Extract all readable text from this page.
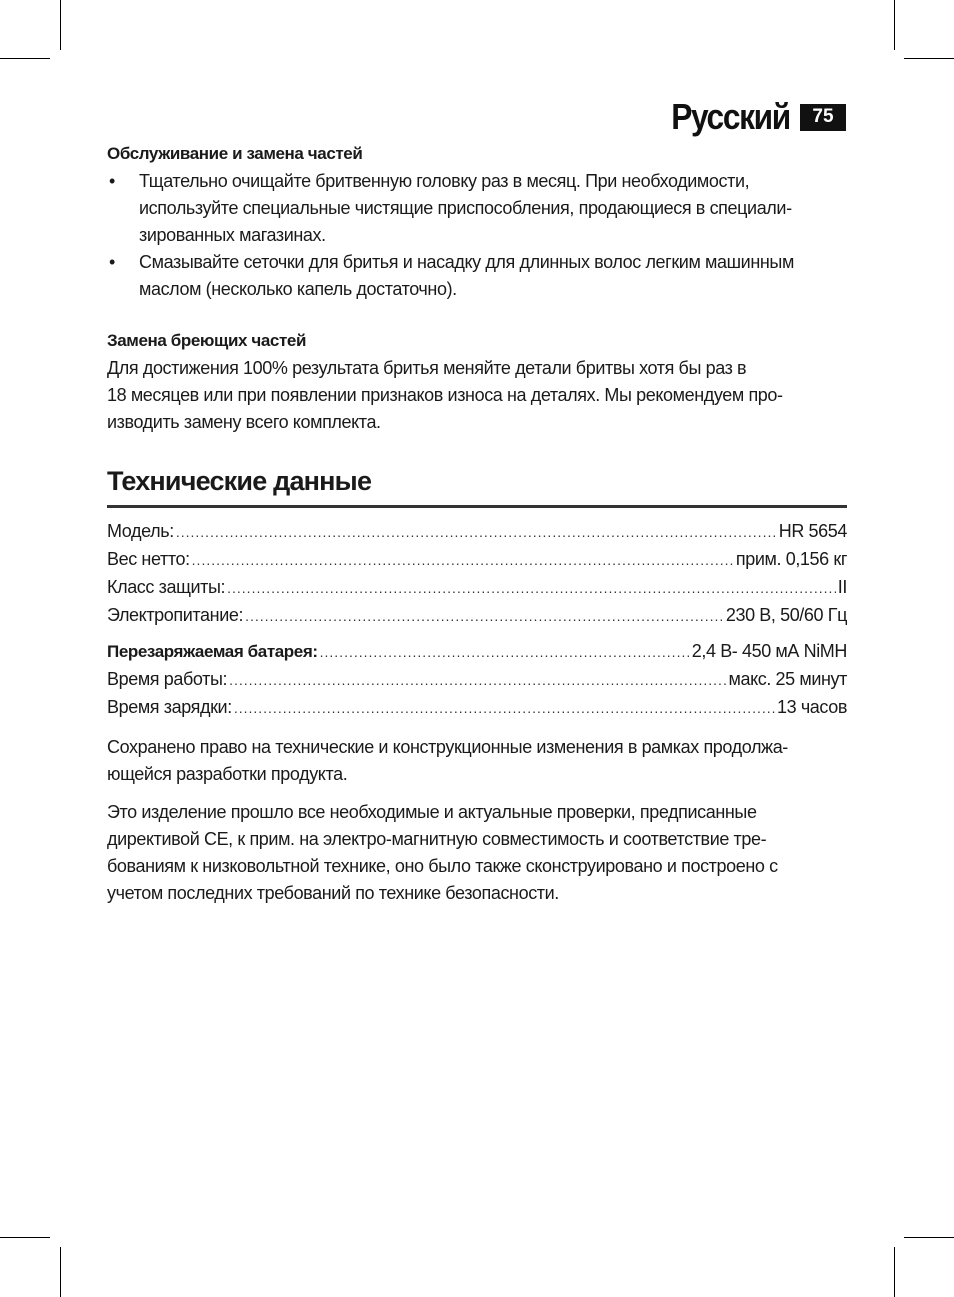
Русский	75
Обслуживание и замена частей
• Тщательно очищайте бритвенную головку раз в месяц. При необходимости,
используйте специальные чистящие приспособления, продающиеся в специали-
зированных магазинах.
• Смазывайте сеточки для бритья и насадку для длинных волос легким машинным
маслом (несколько капель достаточно).
Замена бреющих частей

Для достижения 100% результата бритья меняйте детали бритвы хотя бы раз в
18 месяцев или при появлении признаков износа на деталях. Мы рекомендуем про-
изводить замену всего комплекта.

Технические данные
Модель: .....	HR 5654
Вес нетто: .....	прим. 0,156 кг
Класс защиты: .....	II
Электропитание: .....	230 В, 50/60 Гц
Перезаряжаемая батарея: .....	2,4 В- 450 мА NiMH
Время работы: .....	макс. 25 минут
Время зарядки: .....	13 часов

Сохранено право на технические и конструкционные изменения в рамках продолжа-
ющейся разработки продукта.

Это изделение прошло все необходимые и актуальные проверки, предписанные
директивой CE, к прим. на электро-магнитную совместимость и соответствие тре-
бованиям к низковольтной технике, оно было также сконструировано и построено с
учетом последних требований по технике безопасности.
